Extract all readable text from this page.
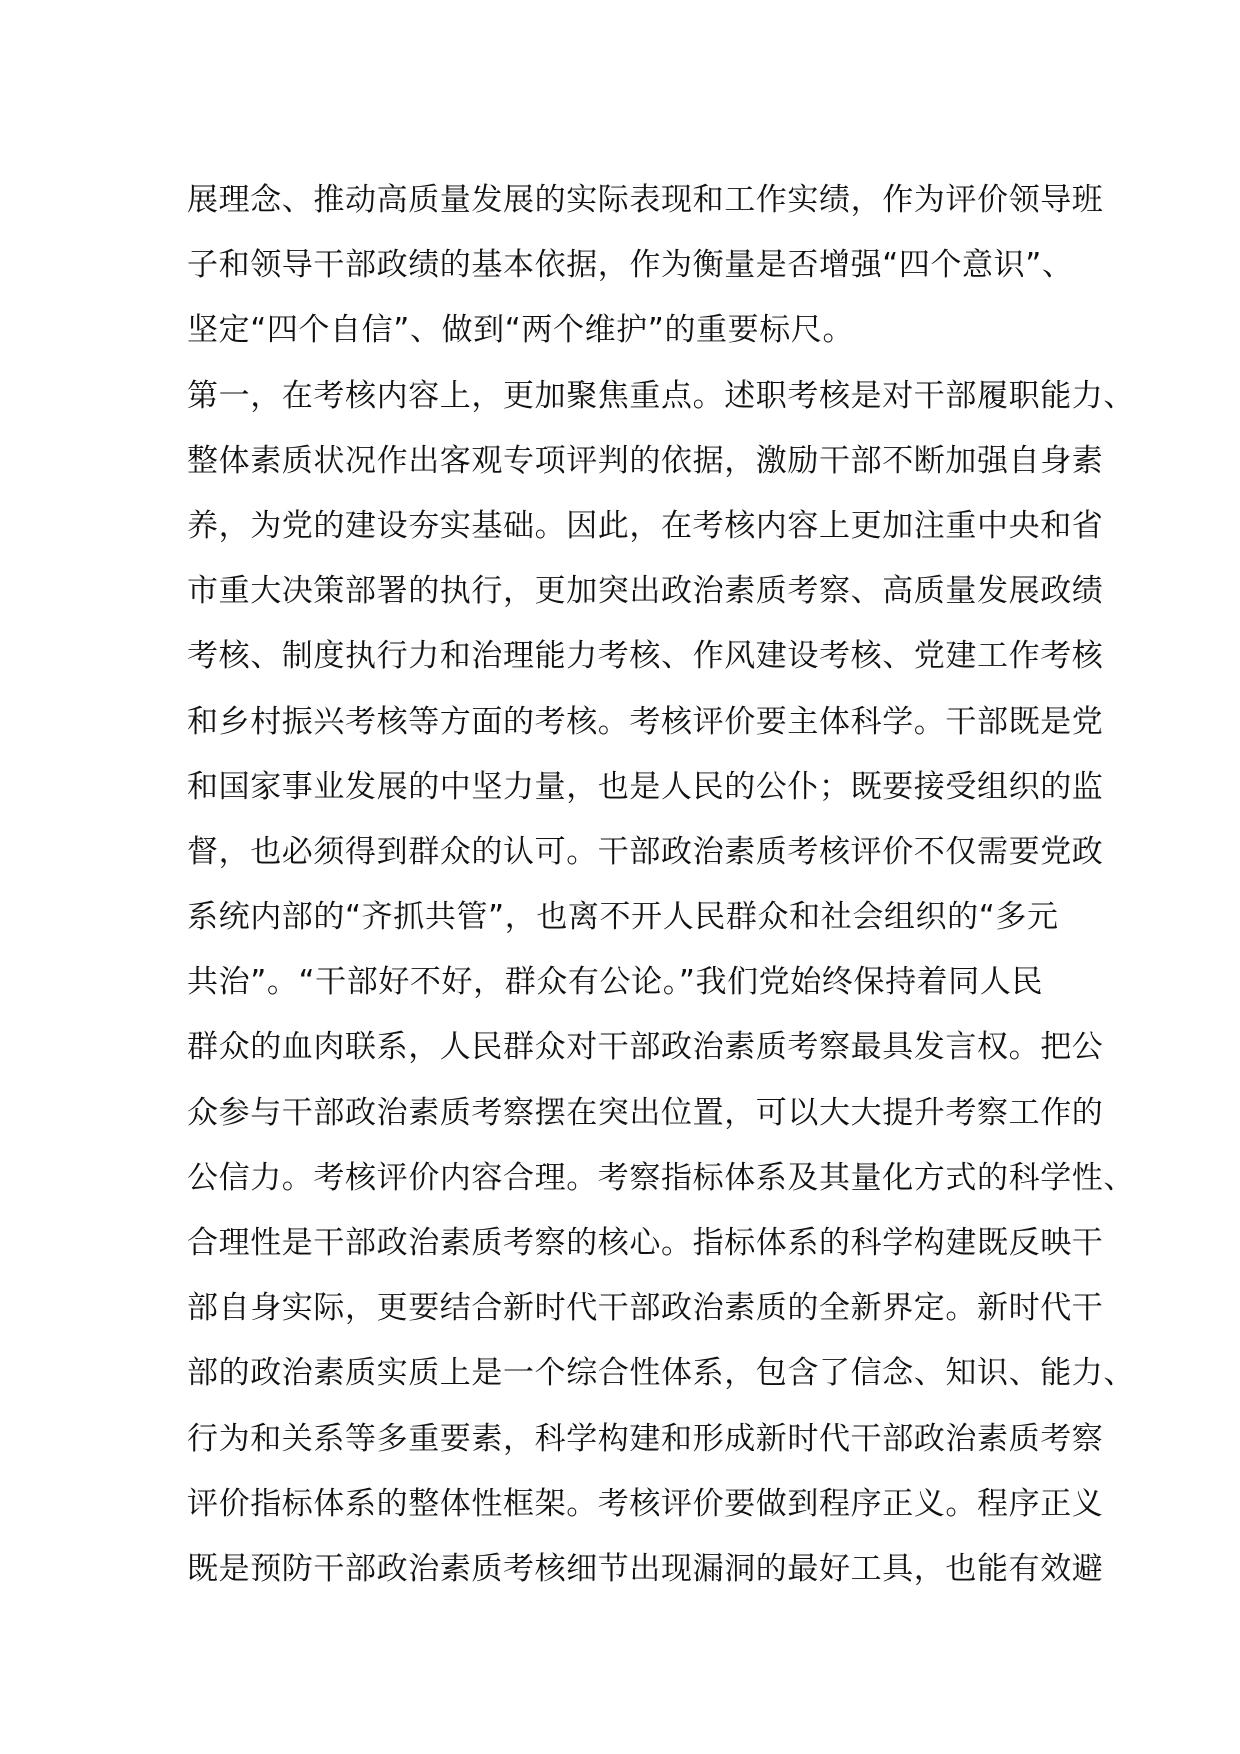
展理念、推动高质量发展的实际表现和工作实绩，作为评价领导班
子和领导干部政绩的基本依据，作为衡量是否增强“四个意识”、
坚定“四个自信”、做到“两个维护”的重要标尺。
第一，在考核内容上，更加聚焦重点。述职考核是对干部履职能力、
整体素质状况作出客观专项评判的依据，激励干部不断加强自身素
养，为党的建设夯实基础。因此，在考核内容上更加注重中央和省
市重大决策部署的执行，更加突出政治素质考察、高质量发展政绩
考核、制度执行力和治理能力考核、作风建设考核、党建工作考核
和乡村振兴考核等方面的考核。考核评价要主体科学。干部既是党
和国家事业发展的中坚力量，也是人民的公仆；既要接受组织的监
督，也必须得到群众的认可。干部政治素质考核评价不仅需要党政
系统内部的“齐抓共管”，也离不开人民群众和社会组织的“多元
共治”。“干部好不好，群众有公论。”我们党始终保持着同人民
群众的血肉联系，人民群众对干部政治素质考察最具发言权。把公
众参与干部政治素质考察摆在突出位置，可以大大提升考察工作的
公信力。考核评价内容合理。考察指标体系及其量化方式的科学性、
合理性是干部政治素质考察的核心。指标体系的科学构建既反映干
部自身实际，更要结合新时代干部政治素质的全新界定。新时代干
部的政治素质实质上是一个综合性体系，包含了信念、知识、能力、
行为和关系等多重要素，科学构建和形成新时代干部政治素质考察
评价指标体系的整体性框架。考核评价要做到程序正义。程序正义
既是预防干部政治素质考核细节出现漏洞的最好工具，也能有效避
